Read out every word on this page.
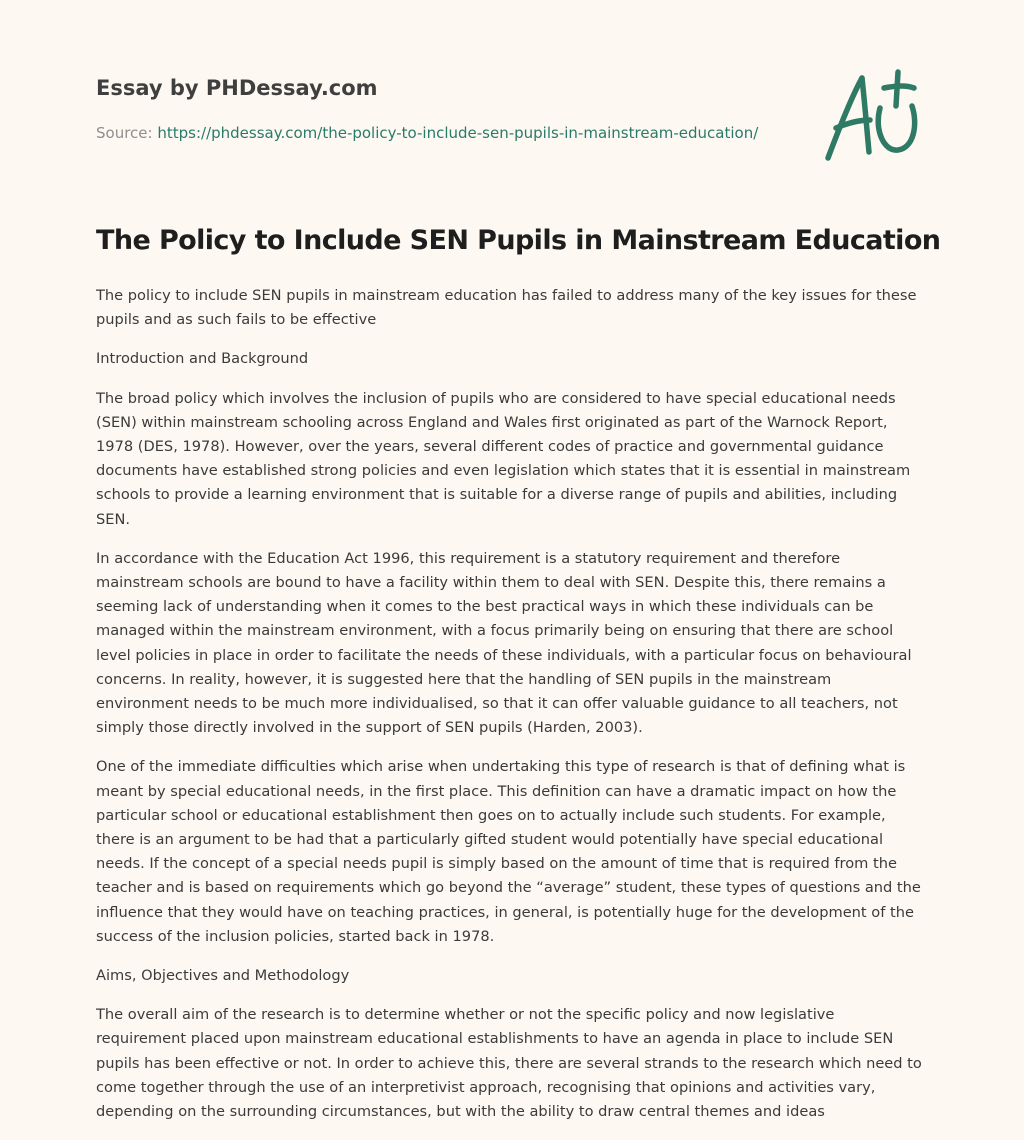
Essay by PHDessay.com
Source: https://phdessay.com/the-policy-to-include-sen-pupils-in-mainstream-education/
The Policy to Include SEN Pupils in Mainstream Education

The policy to include SEN pupils in mainstream education has failed to address many of the key issues for these pupils and as such fails to be effective

Introduction and Background

The broad policy which involves the inclusion of pupils who are considered to have special educational needs (SEN) within mainstream schooling across England and Wales first originated as part of the Warnock Report, 1978 (DES, 1978). However, over the years, several different codes of practice and governmental guidance documents have established strong policies and even legislation which states that it is essential in mainstream schools to provide a learning environment that is suitable for a diverse range of pupils and abilities, including SEN.

In accordance with the Education Act 1996, this requirement is a statutory requirement and therefore mainstream schools are bound to have a facility within them to deal with SEN. Despite this, there remains a seeming lack of understanding when it comes to the best practical ways in which these individuals can be managed within the mainstream environment, with a focus primarily being on ensuring that there are school level policies in place in order to facilitate the needs of these individuals, with a particular focus on behavioural concerns. In reality, however, it is suggested here that the handling of SEN pupils in the mainstream environment needs to be much more individualised, so that it can offer valuable guidance to all teachers, not simply those directly involved in the support of SEN pupils (Harden, 2003).

One of the immediate difficulties which arise when undertaking this type of research is that of defining what is meant by special educational needs, in the first place. This definition can have a dramatic impact on how the particular school or educational establishment then goes on to actually include such students. For example, there is an argument to be had that a particularly gifted student would potentially have special educational needs. If the concept of a special needs pupil is simply based on the amount of time that is required from the teacher and is based on requirements which go beyond the “average” student, these types of questions and the influence that they would have on teaching practices, in general, is potentially huge for the development of the success of the inclusion policies, started back in 1978.

Aims, Objectives and Methodology

The overall aim of the research is to determine whether or not the specific policy and now legislative requirement placed upon mainstream educational establishments to have an agenda in place to include SEN pupils has been effective or not. In order to achieve this, there are several strands to the research which need to come together through the use of an interpretivist approach, recognising that opinions and activities vary, depending on the surrounding circumstances, but with the ability to draw central themes and ideas
